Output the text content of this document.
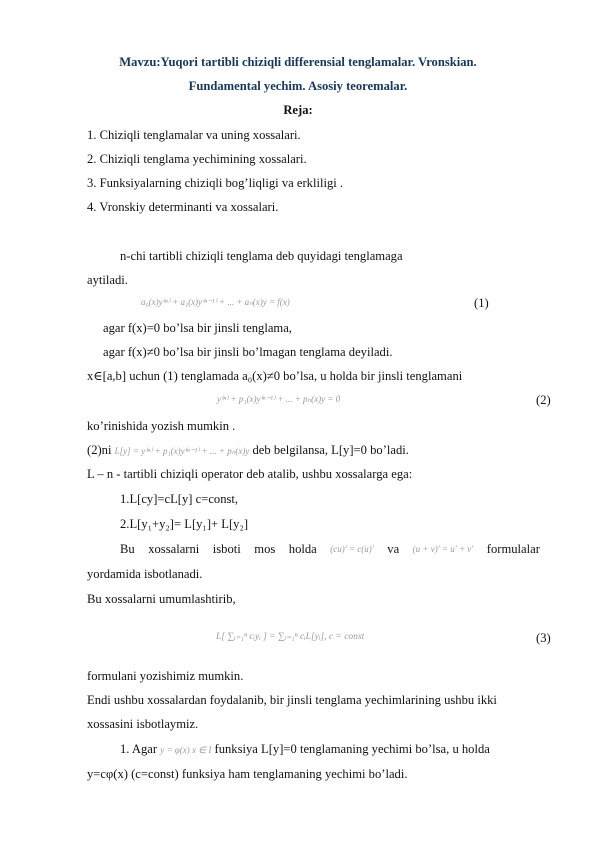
Mavzu:Yuqori tartibli chiziqli differensial tenglamalar. Vronskian.
Fundamental yechim. Asosiy teoremalar.
Reja:
1. Chiziqli tenglamalar va uning xossalari.
2. Chiziqli tenglama yechimining xossalari.
3. Funksiyalarning chiziqli bog’liqligi va erkliligi .
4. Vronskiy determinanti va xossalari.
n-chi tartibli chiziqli tenglama deb quyidagi tenglamaga
aytiladi.
a₀(x)y⁽ⁿ⁾ + a₁(x)y⁽ⁿ⁻¹⁾ + ... + aₙ(x)y = f(x)	(1)
agar f(x)=0 bo’lsa bir jinsli tenglama,
agar f(x)≠0 bo’lsa bir jinsli bo’lmagan tenglama deyiladi.
x∈[a,b] uchun (1) tenglamada a₀(x)≠0 bo’lsa, u holda bir jinsli tenglamani
y⁽ⁿ⁾ + p₁(x)y⁽ⁿ⁻¹⁾ + ... + pₙ(x)y = 0	(2)
ko’rinishida yozish mumkin .
(2)ni L[y] = y⁽ⁿ⁾ + p₁(x)y⁽ⁿ⁻¹⁾ + ... + pₙ(x)y deb belgilansa, L[y]=0 bo’ladi.
L – n - tartibli chiziqli operator deb atalib, ushbu xossalarga ega:
1.L[cy]=cL[y] c=const,
2.L[y₁+y₂]= L[y₁]+ L[y₂]
Bu xossalarni isboti mos holda (cu)′ = c(u)′ va (u + v)′ = u′ + v′ formulalar
yordamida isbotlanadi.
Bu xossalarni umumlashtirib,
L[ ∑ᵢ₌₁ⁿ cᵢyᵢ ] = ∑ᵢ₌₁ⁿ cᵢL[yᵢ], c = const	(3)
formulani yozishimiz mumkin.
Endi ushbu xossalardan foydalanib, bir jinsli tenglama yechimlarining ushbu ikki
xossasini isbotlaymiz.
1. Agar y = φ(x) x ∈ I funksiya L[y]=0 tenglamaning yechimi bo’lsa, u holda
y=cφ(x) (c=const) funksiya ham tenglamaning yechimi bo’ladi.
